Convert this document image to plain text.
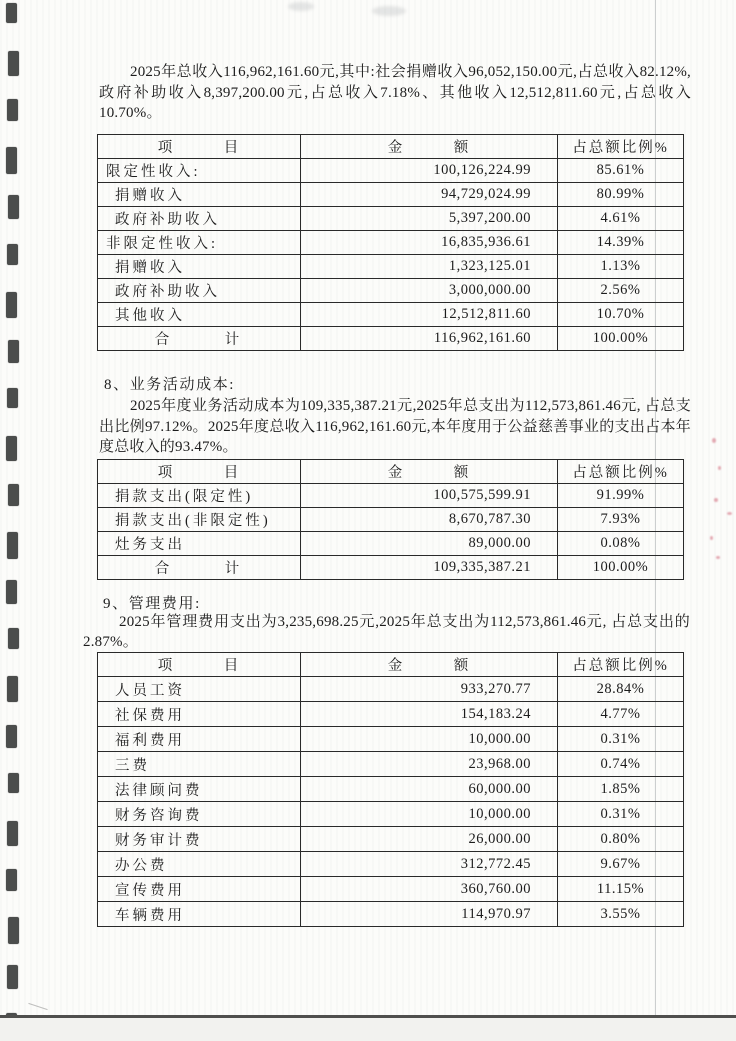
2025年总收入116,962,161.60元,其中:社会捐赠收入96,052,150.00元,占总收入82.12%,政府补助收入8,397,200.00元,占总收入7.18%、其他收入12,512,811.60元,占总收入10.70%。

项　　　目	金　　　额	占总额比例%
限定性收入:	100,126,224.99	85.61%
捐赠收入	94,729,024.99	80.99%
政府补助收入	5,397,200.00	4.61%
非限定性收入:	16,835,936.61	14.39%
捐赠收入	1,323,125.01	1.13%
政府补助收入	3,000,000.00	2.56%
其他收入	12,512,811.60	10.70%
合　　　计	116,962,161.60	100.00%
8、业务活动成本:

2025年度业务活动成本为109,335,387.21元,2025年总支出为112,573,861.46元, 占总支出比例97.12%。2025年度总收入116,962,161.60元,本年度用于公益慈善事业的支出占本年度总收入的93.47%。

项　　　目	金　　　额	占总额比例%
捐款支出(限定性)	100,575,599.91	91.99%
捐款支出(非限定性)	8,670,787.30	7.93%
灶务支出	89,000.00	0.08%
合　　　计	109,335,387.21	100.00%
9、管理费用:

2025年管理费用支出为3,235,698.25元,2025年总支出为112,573,861.46元, 占总支出的2.87%。

项　　　目	金　　　额	占总额比例%
人员工资	933,270.77	28.84%
社保费用	154,183.24	4.77%
福利费用	10,000.00	0.31%
三费	23,968.00	0.74%
法律顾问费	60,000.00	1.85%
财务咨询费	10,000.00	0.31%
财务审计费	26,000.00	0.80%
办公费	312,772.45	9.67%
宣传费用	360,760.00	11.15%
车辆费用	114,970.97	3.55%
